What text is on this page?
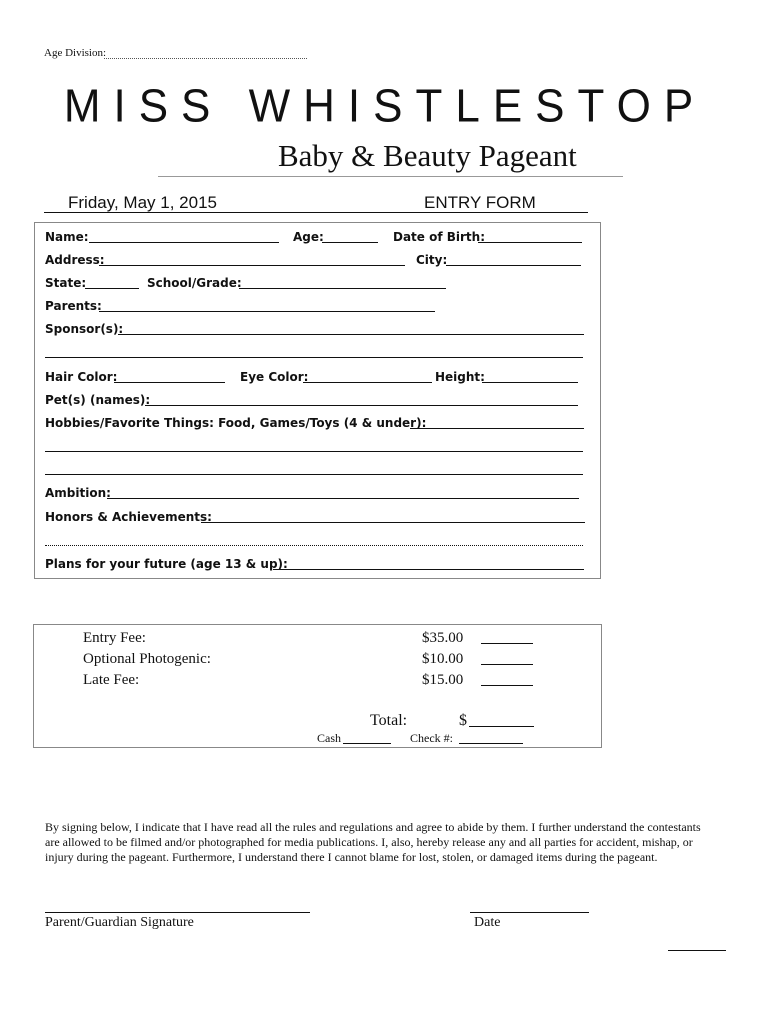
Age Division:
MISS WHISTLESTOP
Baby & Beauty Pageant
Friday, May 1, 2015	ENTRY FORM
Name:	Age:	Date of Birth:
Address:	City:
State:	School/Grade:
Parents:
Sponsor(s):
Hair Color:	Eye Color:	Height:
Pet(s) (names):
Hobbies/Favorite Things: Food, Games/Toys (4 & under):
Ambition:
Honors & Achievements:
Plans for your future (age 13 & up):
Entry Fee:	$35.00
Optional Photogenic:	$10.00
Late Fee:	$15.00
Total:	$
Cash	Check #:
By signing below, I indicate that I have read all the rules and regulations and agree to abide by them. I further understand the contestants are allowed to be filmed and/or photographed for media publications. I, also, hereby release any and all parties for accident, mishap, or injury during the pageant. Furthermore, I understand there I cannot blame for lost, stolen, or damaged items during the pageant.
Parent/Guardian Signature	Date
